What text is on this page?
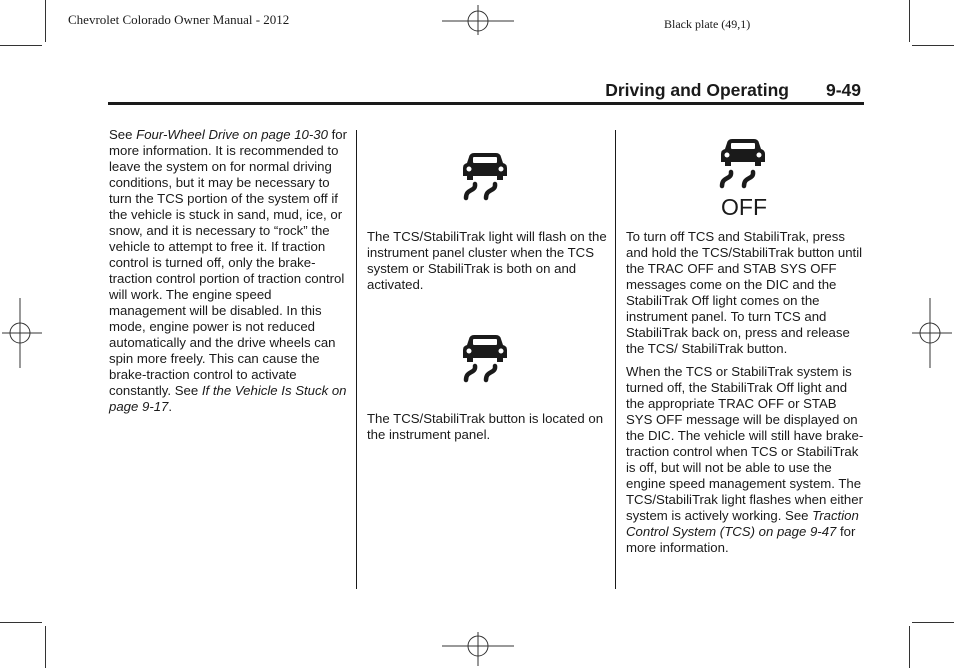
Chevrolet Colorado Owner Manual - 2012	Black plate (49,1)
Driving and Operating 9-49

See Four-Wheel Drive on page 10-30 for more information. It is recommended to leave the system on for normal driving conditions, but it may be necessary to turn the TCS portion of the system off if the vehicle is stuck in sand, mud, ice, or snow, and it is necessary to “rock” the vehicle to attempt to free it. If traction control is turned off, only the brake-traction control portion of traction control will work. The engine speed management will be disabled. In this mode, engine power is not reduced automatically and the drive wheels can spin more freely. This can cause the brake-traction control to activate constantly. See If the Vehicle Is Stuck on page 9-17.

The TCS/StabiliTrak light will flash on the instrument panel cluster when the TCS system or StabiliTrak is both on and activated.

The TCS/StabiliTrak button is located on the instrument panel.

OFF

To turn off TCS and StabiliTrak, press and hold the TCS/StabiliTrak button until the TRAC OFF and STAB SYS OFF messages come on the DIC and the StabiliTrak Off light comes on the instrument panel. To turn TCS and StabiliTrak back on, press and release the TCS/ StabiliTrak button.

When the TCS or StabiliTrak system is turned off, the StabiliTrak Off light and the appropriate TRAC OFF or STAB SYS OFF message will be displayed on the DIC. The vehicle will still have brake-traction control when TCS or StabiliTrak is off, but will not be able to use the engine speed management system. The TCS/StabiliTrak light flashes when either system is actively working. See Traction Control System (TCS) on page 9-47 for more information.
